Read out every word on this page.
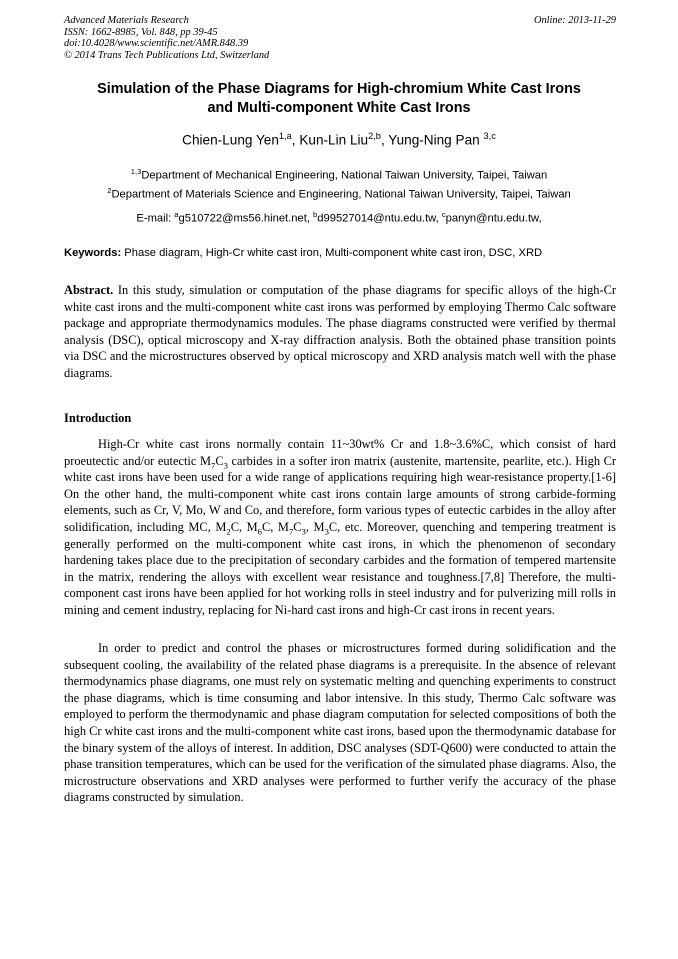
Advanced Materials Research
ISSN: 1662-8985, Vol. 848, pp 39-45
doi:10.4028/www.scientific.net/AMR.848.39
© 2014 Trans Tech Publications Ltd, Switzerland
Online: 2013-11-29
Simulation of the Phase Diagrams for High-chromium White Cast Irons
and Multi-component White Cast Irons
Chien-Lung Yen$^{1,a}$, Kun-Lin Liu$^{2,b}$, Yung-Ning Pan $^{3,c}$
$^{1,3}$Department of Mechanical Engineering, National Taiwan University, Taipei, Taiwan
$^2$Department of Materials Science and Engineering, National Taiwan University, Taipei, Taiwan
E-mail: $^a$g510722@ms56.hinet.net, $^b$d99527014@ntu.edu.tw, $^c$panyn@ntu.edu.tw,
Keywords: Phase diagram, High-Cr white cast iron, Multi-component white cast iron, DSC, XRD
Abstract. In this study, simulation or computation of the phase diagrams for specific alloys of the high-Cr white cast irons and the multi-component white cast irons was performed by employing Thermo Calc software package and appropriate thermodynamics modules. The phase diagrams constructed were verified by thermal analysis (DSC), optical microscopy and X-ray diffraction analysis. Both the obtained phase transition points via DSC and the microstructures observed by optical microscopy and XRD analysis match well with the phase diagrams.
Introduction

High-Cr white cast irons normally contain 11~30wt% Cr and 1.8~3.6%C, which consist of hard proeutectic and/or eutectic $M_7C_3$ carbides in a softer iron matrix (austenite, martensite, pearlite, etc.). High Cr white cast irons have been used for a wide range of applications requiring high wear-resistance property.[1-6] On the other hand, the multi-component white cast irons contain large amounts of strong carbide-forming elements, such as Cr, V, Mo, W and Co, and therefore, form various types of eutectic carbides in the alloy after solidification, including MC, $M_2C$, $M_6C$, $M_7C_3$, $M_3C$, etc. Moreover, quenching and tempering treatment is generally performed on the multi-component white cast irons, in which the phenomenon of secondary hardening takes place due to the precipitation of secondary carbides and the formation of tempered martensite in the matrix, rendering the alloys with excellent wear resistance and toughness.[7,8] Therefore, the multi-component cast irons have been applied for hot working rolls in steel industry and for pulverizing mill rolls in mining and cement industry, replacing for Ni-hard cast irons and high-Cr cast irons in recent years.

In order to predict and control the phases or microstructures formed during solidification and the subsequent cooling, the availability of the related phase diagrams is a prerequisite. In the absence of relevant thermodynamics phase diagrams, one must rely on systematic melting and quenching experiments to construct the phase diagrams, which is time consuming and labor intensive. In this study, Thermo Calc software was employed to perform the thermodynamic and phase diagram computation for selected compositions of both the high Cr white cast irons and the multi-component white cast irons, based upon the thermodynamic database for the binary system of the alloys of interest. In addition, DSC analyses (SDT-Q600) were conducted to attain the phase transition temperatures, which can be used for the verification of the simulated phase diagrams. Also, the microstructure observations and XRD analyses were performed to further verify the accuracy of the phase diagrams constructed by simulation.
